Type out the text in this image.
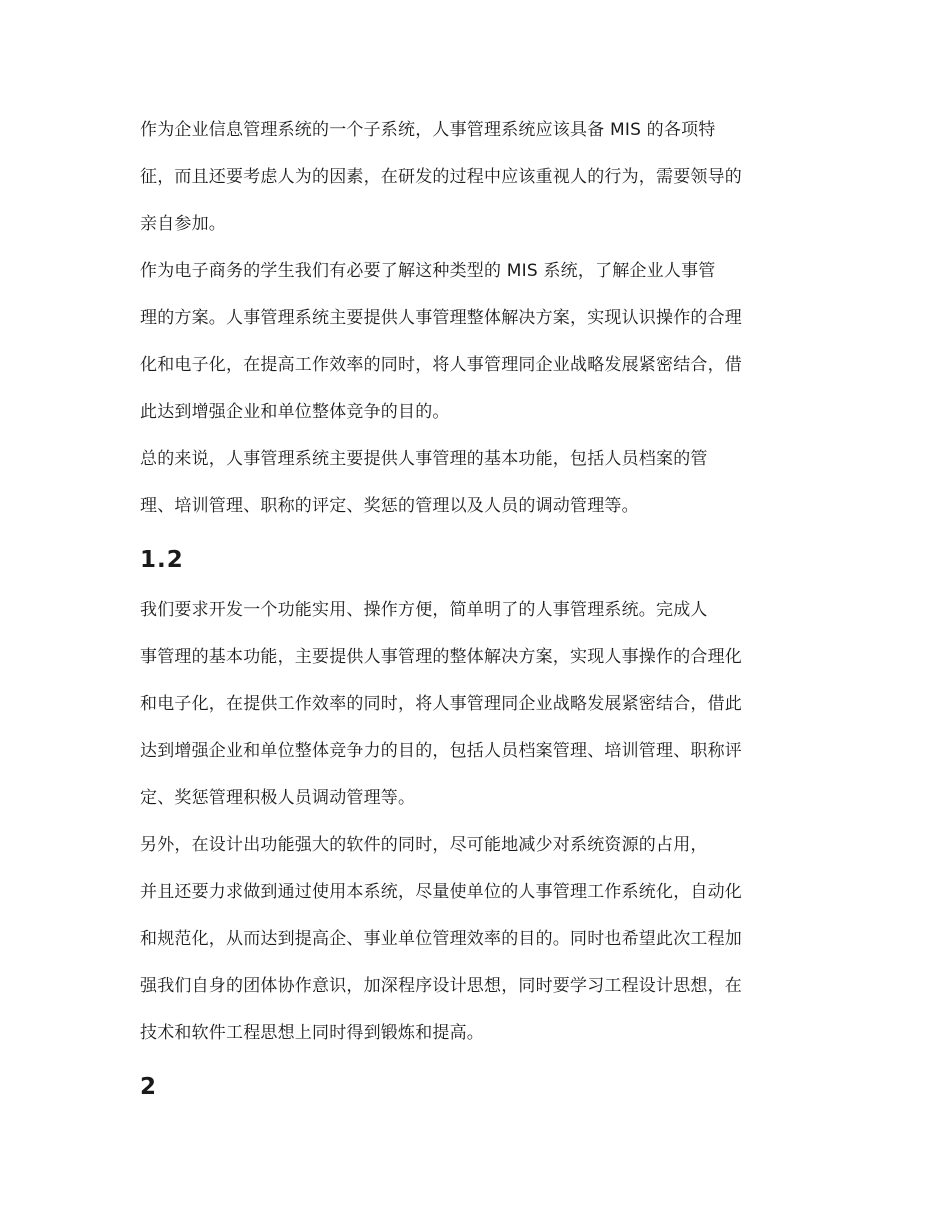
作为企业信息管理系统的一个子系统，人事管理系统应该具备 MIS 的各项特
征，而且还要考虑人为的因素，在研发的过程中应该重视人的行为，需要领导的
亲自参加。
作为电子商务的学生我们有必要了解这种类型的 MIS 系统，了解企业人事管
理的方案。人事管理系统主要提供人事管理整体解决方案，实现认识操作的合理
化和电子化，在提高工作效率的同时，将人事管理同企业战略发展紧密结合，借
此达到增强企业和单位整体竞争的目的。
总的来说，人事管理系统主要提供人事管理的基本功能，包括人员档案的管
理、培训管理、职称的评定、奖惩的管理以及人员的调动管理等。
1.2
我们要求开发一个功能实用、操作方便，简单明了的人事管理系统。完成人
事管理的基本功能，主要提供人事管理的整体解决方案，实现人事操作的合理化
和电子化，在提供工作效率的同时，将人事管理同企业战略发展紧密结合，借此
达到增强企业和单位整体竞争力的目的，包括人员档案管理、培训管理、职称评
定、奖惩管理积极人员调动管理等。
另外，在设计出功能强大的软件的同时，尽可能地减少对系统资源的占用，
并且还要力求做到通过使用本系统，尽量使单位的人事管理工作系统化，自动化
和规范化，从而达到提高企、事业单位管理效率的目的。同时也希望此次工程加
强我们自身的团体协作意识，加深程序设计思想，同时要学习工程设计思想，在
技术和软件工程思想上同时得到锻炼和提高。
2
